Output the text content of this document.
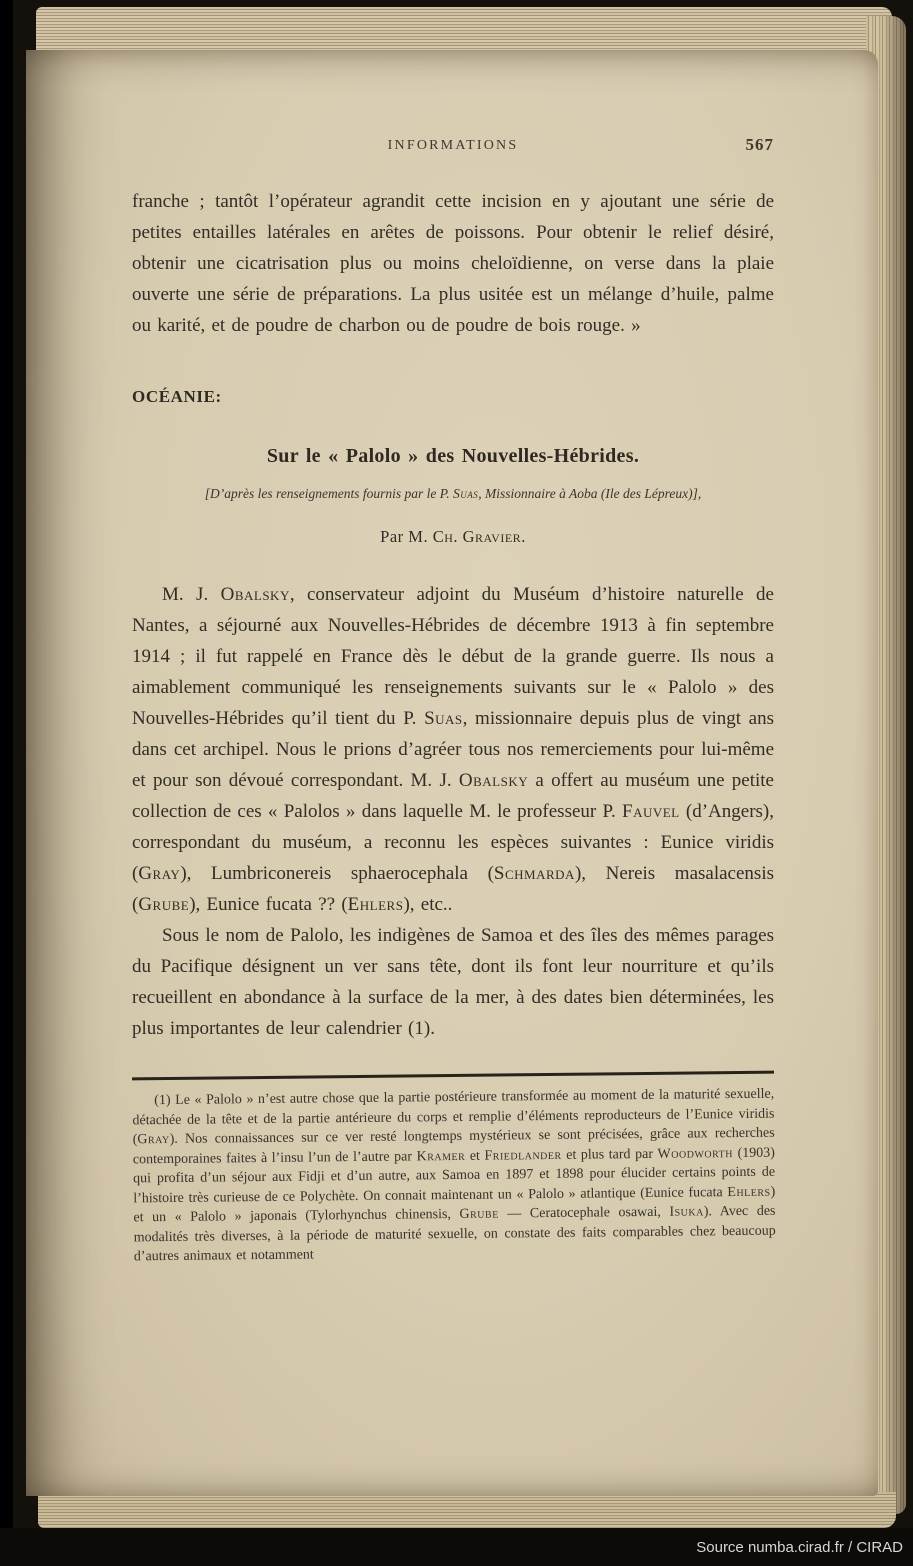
INFORMATIONS	567

franche ; tantôt l’opérateur agrandit cette incision en y ajoutant une série de petites entailles latérales en arêtes de poissons. Pour obtenir le relief désiré, obtenir une cicatrisation plus ou moins cheloïdienne, on verse dans la plaie ouverte une série de préparations. La plus usitée est un mélange d’huile, palme ou karité, et de poudre de charbon ou de poudre de bois rouge. »

OCÉANIE:
Sur le « Palolo » des Nouvelles-Hébrides.

[D’après les renseignements fournis par le P. Suas, Missionnaire à Aoba (Ile des Lépreux)],

Par M. Ch. Gravier.

M. J. Obalsky, conservateur adjoint du Muséum d’histoire naturelle de Nantes, a séjourné aux Nouvelles-Hébrides de décembre 1913 à fin septembre 1914 ; il fut rappelé en France dès le début de la grande guerre. Ils nous a aimablement communiqué les renseignements suivants sur le « Palolo » des Nouvelles-Hébrides qu’il tient du P. Suas, missionnaire depuis plus de vingt ans dans cet archipel. Nous le prions d’agréer tous nos remerciements pour lui-même et pour son dévoué correspondant. M. J. Obalsky a offert au muséum une petite collection de ces « Palolos » dans laquelle M. le professeur P. Fauvel (d’Angers), correspondant du muséum, a reconnu les espèces suivantes : Eunice viridis (Gray), Lumbriconereis sphaerocephala (Schmarda), Nereis masalacensis (Grube), Eunice fucata ?? (Ehlers), etc..

Sous le nom de Palolo, les indigènes de Samoa et des îles des mêmes parages du Pacifique désignent un ver sans tête, dont ils font leur nourriture et qu’ils recueillent en abondance à la surface de la mer, à des dates bien déterminées, les plus importantes de leur calendrier (1).

(1) Le « Palolo » n’est autre chose que la partie postérieure transformée au moment de la maturité sexuelle, détachée de la tête et de la partie antérieure du corps et remplie d’éléments reproducteurs de l’Eunice viridis (Gray). Nos connaissances sur ce ver resté longtemps mystérieux se sont précisées, grâce aux recherches contemporaines faites à l’insu l’un de l’autre par Kramer et Friedlander et plus tard par Woodworth (1903) qui profita d’un séjour aux Fidji et d’un autre, aux Samoa en 1897 et 1898 pour élucider certains points de l’histoire très curieuse de ce Polychète. On connait maintenant un « Palolo » atlantique (Eunice fucata Ehlers) et un « Palolo » japonais (Tylorhynchus chinensis, Grube — Ceratocephale osawai, Isuka). Avec des modalités très diverses, à la période de maturité sexuelle, on constate des faits comparables chez beaucoup d’autres animaux et notamment

Source numba.cirad.fr / CIRAD
